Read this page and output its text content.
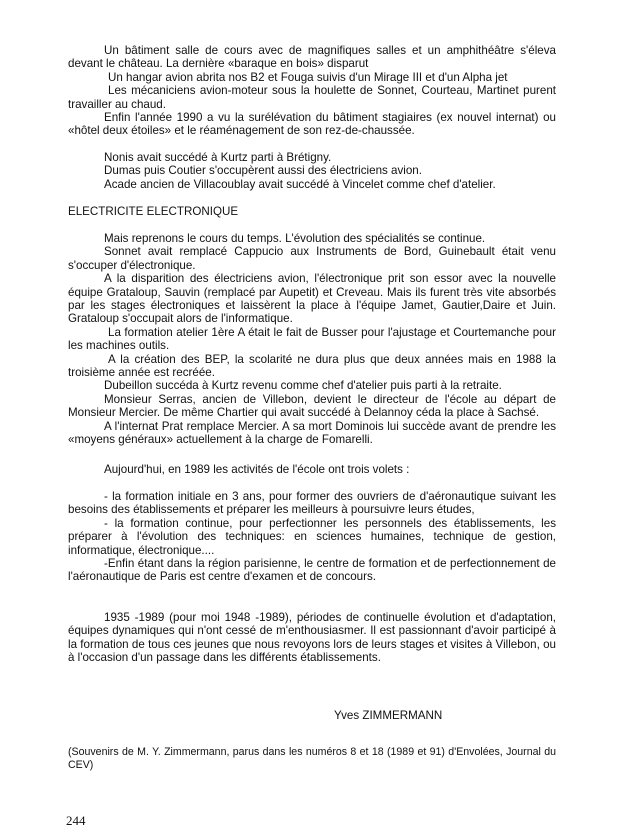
Un bâtiment salle de cours avec de magnifiques salles et un amphithéâtre s'éleva devant le château. La dernière «baraque en bois» disparut

Un hangar avion abrita nos B2 et Fouga suivis d'un Mirage III et d'un Alpha jet

Les mécaniciens avion-moteur sous la houlette de Sonnet, Courteau, Martinet purent travailler au chaud.

Enfin l'année 1990 a vu la surélévation du bâtiment stagiaires (ex nouvel internat) ou «hôtel deux étoiles» et le réaménagement de son rez-de-chaussée.

Nonis avait succédé à Kurtz parti à Brétigny.

Dumas puis Coutier s'occupèrent aussi des électriciens avion.

Acade ancien de Villacoublay avait succédé à Vincelet comme chef d'atelier.

ELECTRICITE ELECTRONIQUE

Mais reprenons le cours du temps. L'évolution des spécialités se continue.

Sonnet avait remplacé Cappucio aux Instruments de Bord, Guinebault était venu s'occuper d'électronique.

A la disparition des électriciens avion, l'électronique prit son essor avec la nouvelle équipe Grataloup, Sauvin (remplacé par Aupetit) et Creveau. Mais ils furent très vite absorbés par les stages électroniques et laissèrent la place à l'équipe Jamet, Gautier,Daire et Juin. Grataloup s'occupait alors de l'informatique.

La formation atelier 1ère A était le fait de Busser pour l'ajustage et Courtemanche pour les machines outils.

A la création des BEP, la scolarité ne dura plus que deux années mais en 1988 la troisième année est recréée.

Dubeillon succéda à Kurtz revenu comme chef d'atelier puis parti à la retraite.

Monsieur Serras, ancien de Villebon, devient le directeur de l'école au départ de Monsieur Mercier. De même Chartier qui avait succédé à Delannoy céda la place à Sachsé.

A l'internat Prat remplace Mercier. A sa mort Dominois lui succède avant de prendre les «moyens généraux» actuellement à la charge de Fomarelli.

Aujourd'hui, en 1989 les activités de l'école ont trois volets :

- la formation initiale en 3 ans, pour former des ouvriers de d'aéronautique suivant les besoins des établissements et préparer les meilleurs à poursuivre leurs études,

- la formation continue, pour perfectionner les personnels des établissements, les préparer à l'évolution des techniques: en sciences humaines, technique de gestion, informatique, électronique....

-Enfin étant dans la région parisienne, le centre de formation et de perfectionnement de l'aéronautique de Paris est centre d'examen et de concours.

1935 -1989 (pour moi 1948 -1989), périodes de continuelle évolution et d'adaptation, équipes dynamiques qui n'ont cessé de m'enthousiasmer. Il est passionnant d'avoir participé à la formation de tous ces jeunes que nous revoyons lors de leurs stages et visites à Villebon, ou à l'occasion d'un passage dans les différents établissements.

Yves ZIMMERMANN
(Souvenirs de M. Y. Zimmermann, parus dans les numéros 8 et 18 (1989 et 91) d'Envolées, Journal du CEV)
244
